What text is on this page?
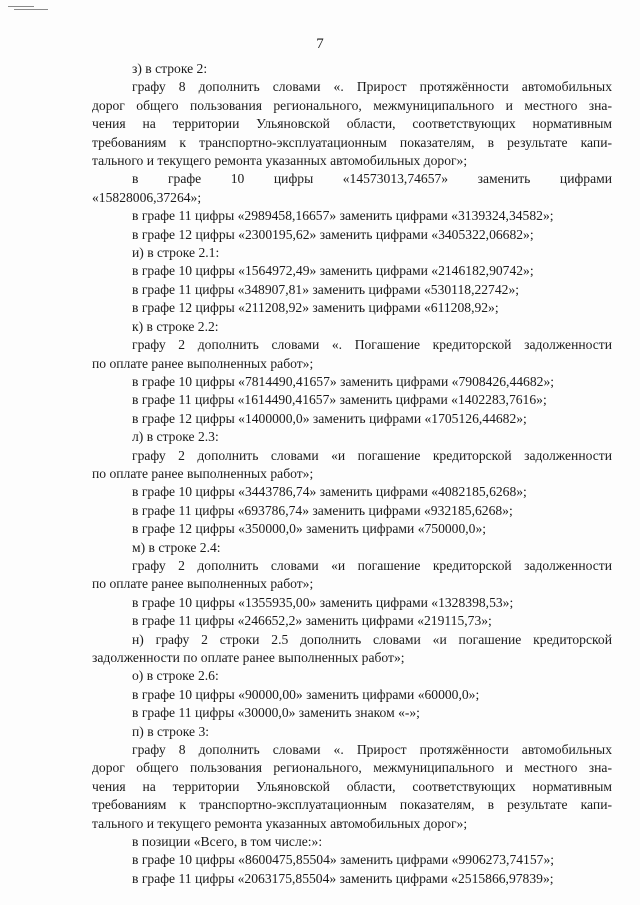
7

з) в строке 2:

графу 8 дополнить словами «. Прирост протяжённости автомобильных

дорог общего пользования регионального, межмуниципального и местного зна-

чения на территории Ульяновской области, соответствующих нормативным

требованиям к транспортно-эксплуатационным показателям, в результате капи-

тального и текущего ремонта указанных автомобильных дорог»;

в графе 10 цифры «14573013,74657» заменить цифрами

«15828006,37264»;

в графе 11 цифры «2989458,16657» заменить цифрами «3139324,34582»;

в графе 12 цифры «2300195,62» заменить цифрами «3405322,06682»;

и) в строке 2.1:

в графе 10 цифры «1564972,49» заменить цифрами «2146182,90742»;

в графе 11 цифры «348907,81» заменить цифрами «530118,22742»;

в графе 12 цифры «211208,92» заменить цифрами «611208,92»;

к) в строке 2.2:

графу 2 дополнить словами «. Погашение кредиторской задолженности

по оплате ранее выполненных работ»;

в графе 10 цифры «7814490,41657» заменить цифрами «7908426,44682»;

в графе 11 цифры «1614490,41657» заменить цифрами «1402283,7616»;

в графе 12 цифры «1400000,0» заменить цифрами «1705126,44682»;

л) в строке 2.3:

графу 2 дополнить словами «и погашение кредиторской задолженности

по оплате ранее выполненных работ»;

в графе 10 цифры «3443786,74» заменить цифрами «4082185,6268»;

в графе 11 цифры «693786,74» заменить цифрами «932185,6268»;

в графе 12 цифры «350000,0» заменить цифрами «750000,0»;

м) в строке 2.4:

графу 2 дополнить словами «и погашение кредиторской задолженности

по оплате ранее выполненных работ»;

в графе 10 цифры «1355935,00» заменить цифрами «1328398,53»;

в графе 11 цифры «246652,2» заменить цифрами «219115,73»;

н) графу 2 строки 2.5 дополнить словами «и погашение кредиторской

задолженности по оплате ранее выполненных работ»;

о) в строке 2.6:

в графе 10 цифры «90000,00» заменить цифрами «60000,0»;

в графе 11 цифры «30000,0» заменить знаком «-»;

п) в строке 3:

графу 8 дополнить словами «. Прирост протяжённости автомобильных

дорог общего пользования регионального, межмуниципального и местного зна-

чения на территории Ульяновской области, соответствующих нормативным

требованиям к транспортно-эксплуатационным показателям, в результате капи-

тального и текущего ремонта указанных автомобильных дорог»;

в позиции «Всего, в том числе:»:

в графе 10 цифры «8600475,85504» заменить цифрами «9906273,74157»;

в графе 11 цифры «2063175,85504» заменить цифрами «2515866,97839»;
